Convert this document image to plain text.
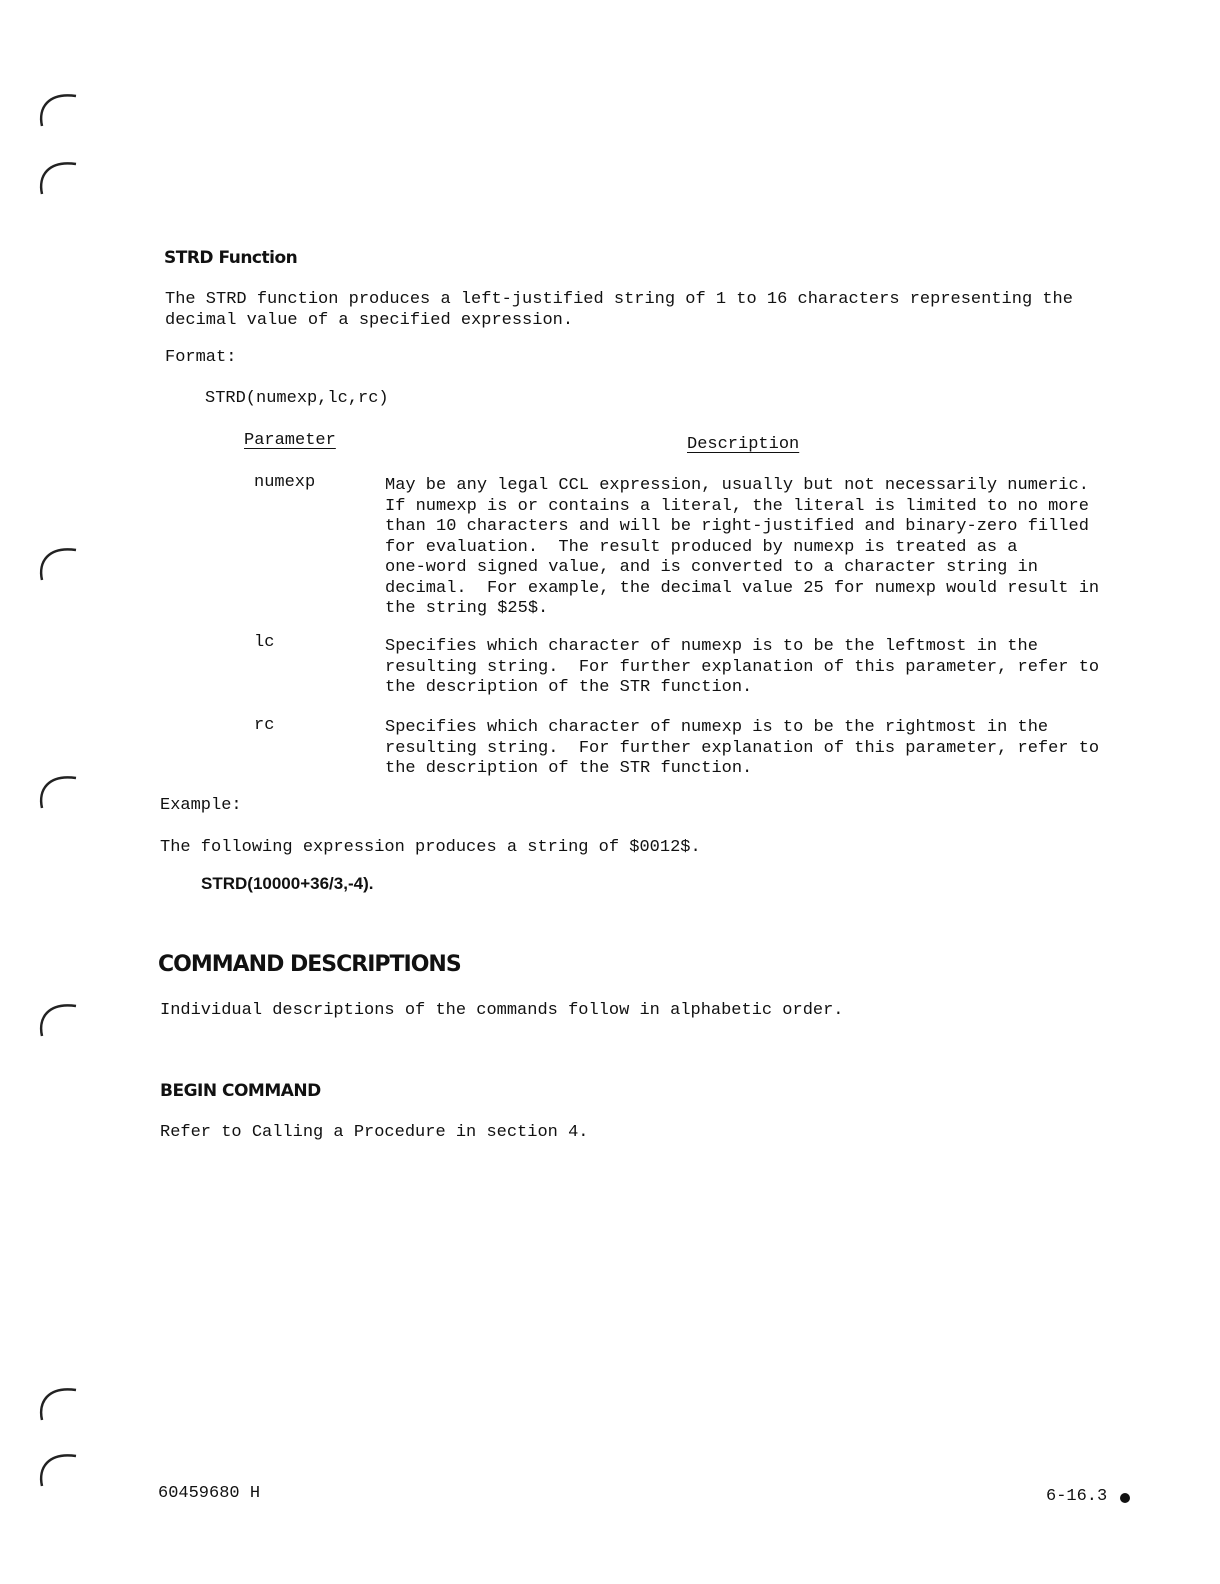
STRD Function
The STRD function produces a left-justified string of 1 to 16 characters representing the
decimal value of a specified expression.
Format:
STRD(numexp,lc,rc)
Parameter	Description
numexp	May be any legal CCL expression, usually but not necessarily numeric.
If numexp is or contains a literal, the literal is limited to no more
than 10 characters and will be right-justified and binary-zero filled
for evaluation.  The result produced by numexp is treated as a
one-word signed value, and is converted to a character string in
decimal.  For example, the decimal value 25 for numexp would result in
the string $25$.
lc	Specifies which character of numexp is to be the leftmost in the
resulting string.  For further explanation of this parameter, refer to
the description of the STR function.
rc	Specifies which character of numexp is to be the rightmost in the
resulting string.  For further explanation of this parameter, refer to
the description of the STR function.
Example:
The following expression produces a string of $0012$.
STRD(10000+36/3,-4).
COMMAND DESCRIPTIONS
Individual descriptions of the commands follow in alphabetic order.
BEGIN COMMAND
Refer to Calling a Procedure in section 4.
60459680 H	6-16.3
